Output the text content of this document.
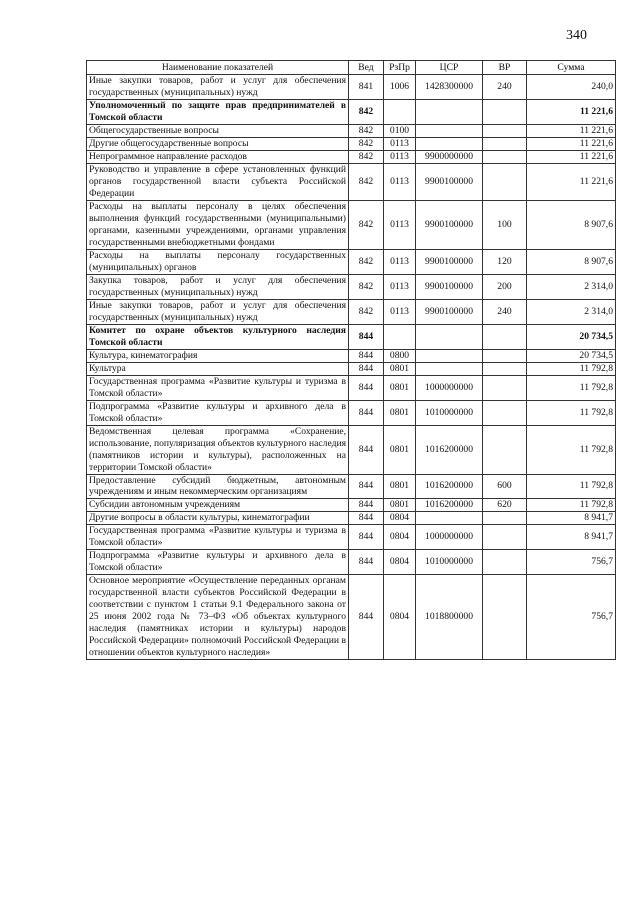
340
Наименование показателей	Вед	РзПр	ЦСР	ВР	Сумма
Иные закупки товаров, работ и услуг для обеспечения государственных (муниципальных) нужд	841	1006	1428300000	240	240,0
Уполномоченный по защите прав предпринимателей в Томской области	842				11 221,6
Общегосударственные вопросы	842	0100			11 221,6
Другие общегосударственные вопросы	842	0113			11 221,6
Непрограммное направление расходов	842	0113	9900000000		11 221,6
Руководство и управление в сфере установленных функций органов государственной власти субъекта Российской Федерации	842	0113	9900100000		11 221,6
Расходы на выплаты персоналу в целях обеспечения выполнения функций государственными (муниципальными) органами, казенными учреждениями, органами управления государственными внебюджетными фондами	842	0113	9900100000	100	8 907,6
Расходы на выплаты персоналу государственных (муниципальных) органов	842	0113	9900100000	120	8 907,6
Закупка товаров, работ и услуг для обеспечения государственных (муниципальных) нужд	842	0113	9900100000	200	2 314,0
Иные закупки товаров, работ и услуг для обеспечения государственных (муниципальных) нужд	842	0113	9900100000	240	2 314,0
Комитет по охране объектов культурного наследия Томской области	844				20 734,5
Культура, кинематография	844	0800			20 734,5
Культура	844	0801			11 792,8
Государственная программа «Развитие культуры и туризма в Томской области»	844	0801	1000000000		11 792,8
Подпрограмма «Развитие культуры и архивного дела в Томской области»	844	0801	1010000000		11 792,8
Ведомственная целевая программа «Сохранение, использование, популяризация объектов культурного наследия (памятников истории и культуры), расположенных на территории Томской области»	844	0801	1016200000		11 792,8
Предоставление субсидий бюджетным, автономным учреждениям и иным некоммерческим организациям	844	0801	1016200000	600	11 792,8
Субсидии автономным учреждениям	844	0801	1016200000	620	11 792,8
Другие вопросы в области культуры, кинематографии	844	0804			8 941,7
Государственная программа «Развитие культуры и туризма в Томской области»	844	0804	1000000000		8 941,7
Подпрограмма «Развитие культуры и архивного дела в Томской области»	844	0804	1010000000		756,7
Основное мероприятие «Осуществление переданных органам государственной власти субъектов Российской Федерации в соответствии с пунктом 1 статьи 9.1 Федерального закона от 25 июня 2002 года № 73–ФЗ «Об объектах культурного наследия (памятниках истории и культуры) народов Российской Федерации» полномочий Российской Федерации в отношении объектов культурного наследия»	844	0804	1018800000		756,7
